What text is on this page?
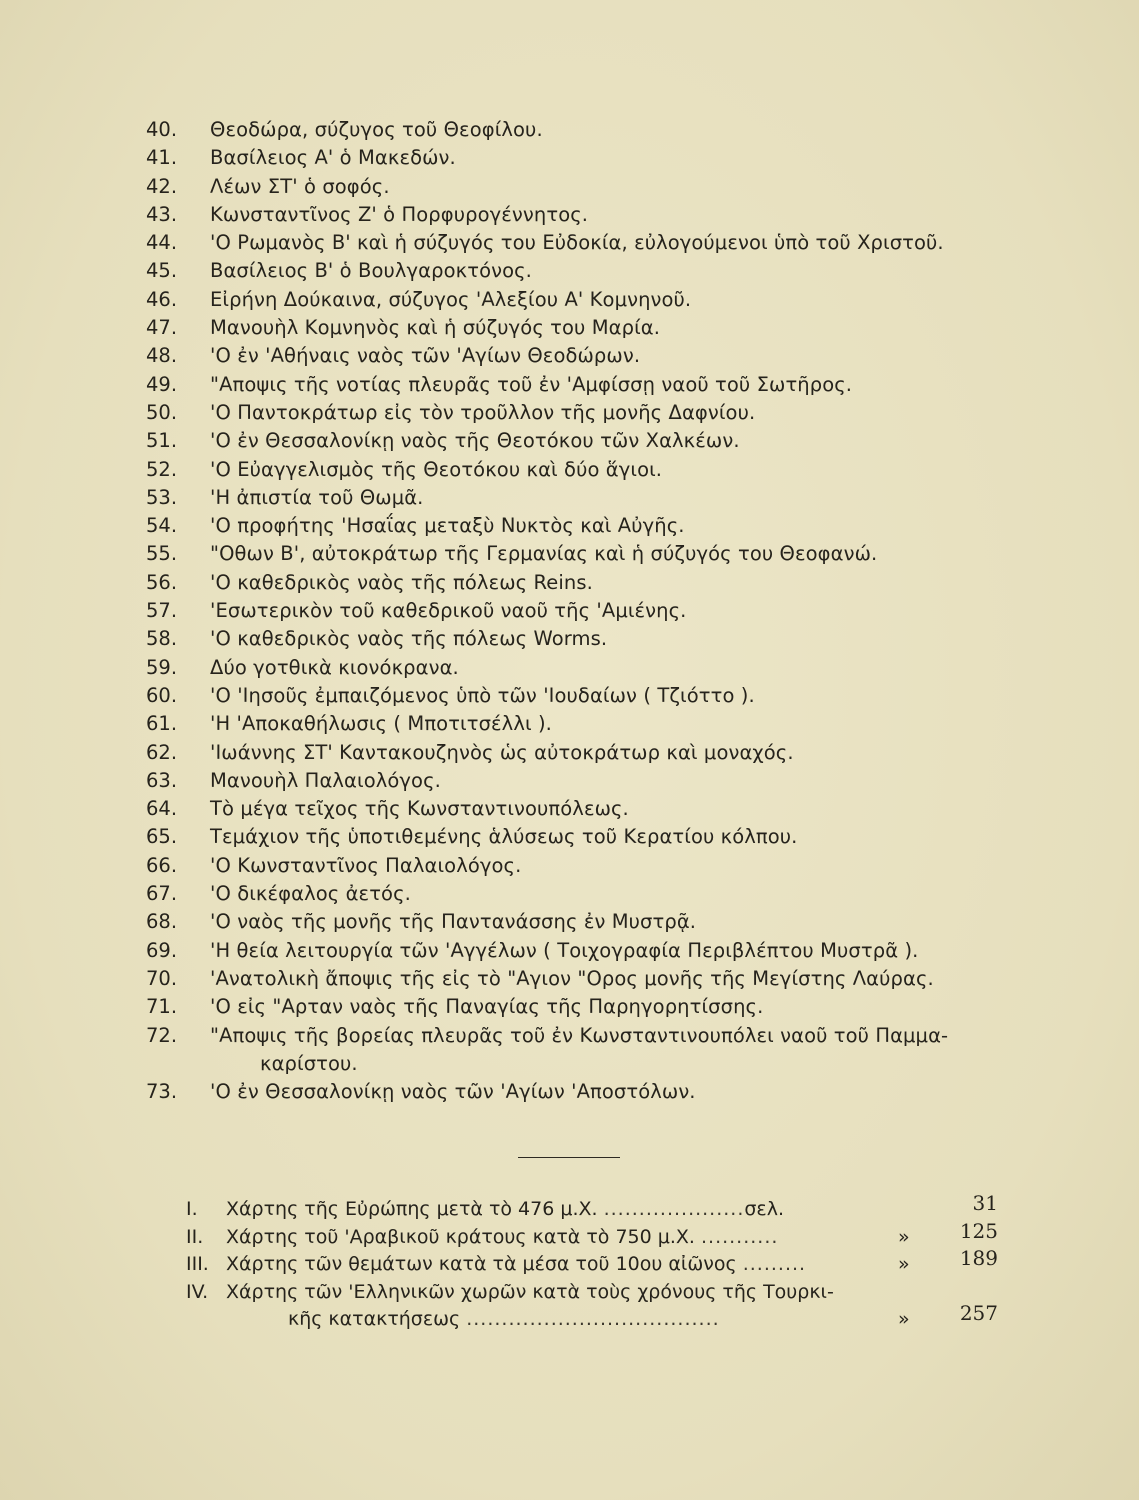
40.	Θεοδώρα, σύζυγος τοῦ Θεοφίλου.
41.	Βασίλειος Α' ὁ Μακεδών.
42.	Λέων ΣΤ' ὁ σοφός.
43.	Κωνσταντῖνος Ζ' ὁ Πορφυρογέννητος.
44.	'Ο Ρωμανὸς Β' καὶ ἡ σύζυγός του Εὐδοκία, εὐλογούμενοι ὑπὸ τοῦ Χριστοῦ.
45.	Βασίλειος Β' ὁ Βουλγαροκτόνος.
46.	Εἰρήνη Δούκαινα, σύζυγος 'Αλεξίου Α' Κομνηνοῦ.
47.	Μανουὴλ Κομνηνὸς καὶ ἡ σύζυγός του Μαρία.
48.	'Ο ἐν 'Αθήναις ναὸς τῶν 'Αγίων Θεοδώρων.
49.	"Αποψις τῆς νοτίας πλευρᾶς τοῦ ἐν 'Αμφίσσῃ ναοῦ τοῦ Σωτῆρος.
50.	'Ο Παντοκράτωρ εἰς τὸν τροῦλλον τῆς μονῆς Δαφνίου.
51.	'Ο ἐν Θεσσαλονίκῃ ναὸς τῆς Θεοτόκου τῶν Χαλκέων.
52.	'Ο Εὐαγγελισμὸς τῆς Θεοτόκου καὶ δύο ἅγιοι.
53.	'Η ἀπιστία τοῦ Θωμᾶ.
54.	'Ο προφήτης 'Ησαΐας μεταξὺ Νυκτὸς καὶ Αὐγῆς.
55.	"Οθων Β', αὐτοκράτωρ τῆς Γερμανίας καὶ ἡ σύζυγός του Θεοφανώ.
56.	'Ο καθεδρικὸς ναὸς τῆς πόλεως Reins.
57.	'Εσωτερικὸν τοῦ καθεδρικοῦ ναοῦ τῆς 'Αμιένης.
58.	'Ο καθεδρικὸς ναὸς τῆς πόλεως Worms.
59.	Δύο γοτθικὰ κιονόκρανα.
60.	'Ο 'Ιησοῦς ἐμπαιζόμενος ὑπὸ τῶν 'Ιουδαίων ( Τζιόττο ).
61.	'Η 'Αποκαθήλωσις ( Μποτιτσέλλι ).
62.	'Ιωάννης ΣΤ' Καντακουζηνὸς ὡς αὐτοκράτωρ καὶ μοναχός.
63.	Μανουὴλ Παλαιολόγος.
64.	Τὸ μέγα τεῖχος τῆς Κωνσταντινουπόλεως.
65.	Τεμάχιον τῆς ὑποτιθεμένης ἁλύσεως τοῦ Κερατίου κόλπου.
66.	'Ο Κωνσταντῖνος Παλαιολόγος.
67.	'Ο δικέφαλος ἀετός.
68.	'Ο ναὸς τῆς μονῆς τῆς Παντανάσσης ἐν Μυστρᾷ.
69.	'Η θεία λειτουργία τῶν 'Αγγέλων ( Τοιχογραφία Περιβλέπτου Μυστρᾶ ).
70.	'Ανατολικὴ ἄποψις τῆς εἰς τὸ "Αγιον "Ορος μονῆς τῆς Μεγίστης Λαύρας.
71.	'Ο εἰς "Αρταν ναὸς τῆς Παναγίας τῆς Παρηγορητίσσης.
72.	"Αποψις τῆς βορείας πλευρᾶς τοῦ ἐν Κωνσταντινουπόλει ναοῦ τοῦ Παμμα-
καρίστου.
73.	'Ο ἐν Θεσσαλονίκῃ ναὸς τῶν 'Αγίων 'Αποστόλων.
I.	Χάρτης τῆς Εὐρώπης μετὰ τὸ 476 μ.Χ. ....................σελ.	31
II.	Χάρτης τοῦ 'Αραβικοῦ κράτους κατὰ τὸ 750 μ.Χ. ...........	»	125
III. Χάρτης τῶν θεμάτων κατὰ τὰ μέσα τοῦ 10ου αἰῶνος .........	»	189
IV. Χάρτης τῶν 'Ελληνικῶν χωρῶν κατὰ τοὺς χρόνους τῆς Τουρκι-
κῆς κατακτήσεως ....................................	»	257
